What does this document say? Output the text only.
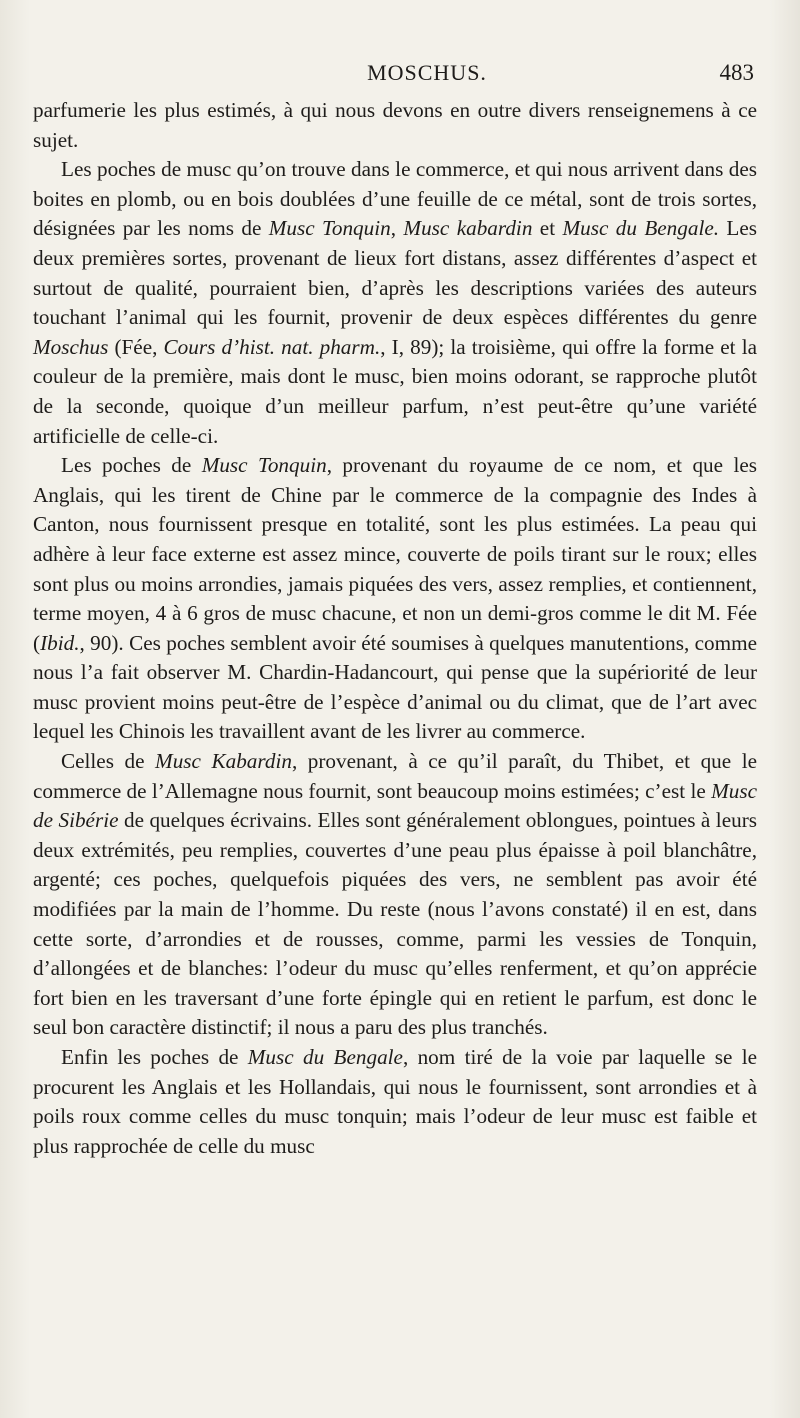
MOSCHUS.	483

parfumerie les plus estimés, à qui nous devons en outre divers renseignemens à ce sujet.

Les poches de musc qu’on trouve dans le commerce, et qui nous arrivent dans des boites en plomb, ou en bois doublées d’une feuille de ce métal, sont de trois sortes, désignées par les noms de Musc Tonquin, Musc kabardin et Musc du Bengale. Les deux premières sortes, provenant de lieux fort distans, assez différentes d’aspect et surtout de qualité, pourraient bien, d’après les descriptions variées des auteurs touchant l’animal qui les fournit, provenir de deux espèces différentes du genre Moschus (Fée, Cours d’hist. nat. pharm., I, 89); la troisième, qui offre la forme et la couleur de la première, mais dont le musc, bien moins odorant, se rapproche plutôt de la seconde, quoique d’un meilleur parfum, n’est peut-être qu’une variété artificielle de celle-ci.

Les poches de Musc Tonquin, provenant du royaume de ce nom, et que les Anglais, qui les tirent de Chine par le commerce de la compagnie des Indes à Canton, nous fournissent presque en totalité, sont les plus estimées. La peau qui adhère à leur face externe est assez mince, couverte de poils tirant sur le roux; elles sont plus ou moins arrondies, jamais piquées des vers, assez remplies, et contiennent, terme moyen, 4 à 6 gros de musc chacune, et non un demi-gros comme le dit M. Fée (Ibid., 90). Ces poches semblent avoir été soumises à quelques manutentions, comme nous l’a fait observer M. Chardin-Hadancourt, qui pense que la supériorité de leur musc provient moins peut-être de l’espèce d’animal ou du climat, que de l’art avec lequel les Chinois les travaillent avant de les livrer au commerce.

Celles de Musc Kabardin, provenant, à ce qu’il paraît, du Thibet, et que le commerce de l’Allemagne nous fournit, sont beaucoup moins estimées; c’est le Musc de Sibérie de quelques écrivains. Elles sont généralement oblongues, pointues à leurs deux extrémités, peu remplies, couvertes d’une peau plus épaisse à poil blanchâtre, argenté; ces poches, quelquefois piquées des vers, ne semblent pas avoir été modifiées par la main de l’homme. Du reste (nous l’avons constaté) il en est, dans cette sorte, d’arrondies et de rousses, comme, parmi les vessies de Tonquin, d’allongées et de blanches: l’odeur du musc qu’elles renferment, et qu’on apprécie fort bien en les traversant d’une forte épingle qui en retient le parfum, est donc le seul bon caractère distinctif; il nous a paru des plus tranchés.

Enfin les poches de Musc du Bengale, nom tiré de la voie par laquelle se le procurent les Anglais et les Hollandais, qui nous le fournissent, sont arrondies et à poils roux comme celles du musc tonquin; mais l’odeur de leur musc est faible et plus rapprochée de celle du musc
